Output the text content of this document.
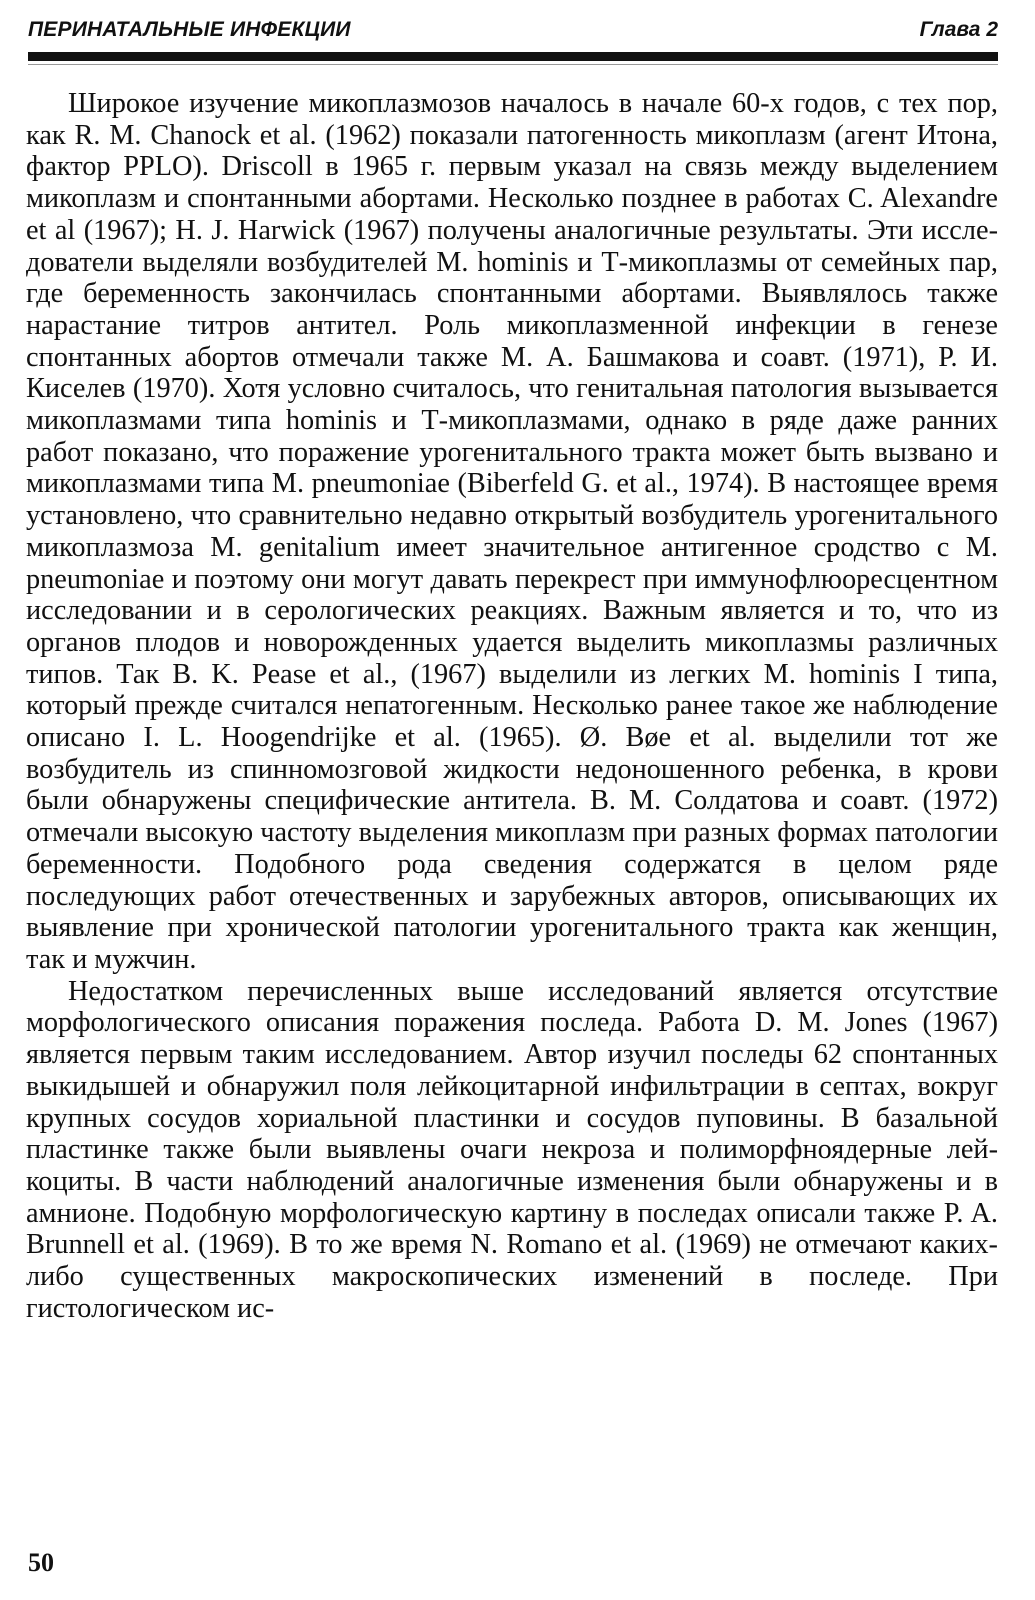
ПЕРИНАТАЛЬНЫЕ ИНФЕКЦИИ	Глава 2

Широкое изучение микоплазмозов началось в начале 60-х годов, с тех пор, как R. M. Chanock et al. (1962) показали патогенность микоплазм (агент Итона, фактор PPLO). Driscoll в 1965 г. первым указал на связь между выделением микоплазм и спонтанными абортами. Несколько позднее в работах C. Alexandre et al (1967); H. J. Harwick (1967) получены аналогичные результаты. Эти исследователи выделяли возбудителей M. hominis и Т-микоплазмы от семейных пар, где беременность закончилась спонтанными абортами. Выявлялось также нарастание титров антител. Роль микоплазменной инфекции в генезе спонтанных абортов отмечали также М. А. Башмакова и соавт. (1971), Р. И. Киселев (1970). Хотя условно считалось, что генитальная патология вызывается микоплазмами типа hominis и Т-микоплазмами, однако в ряде даже ранних работ показано, что поражение урогенитального тракта может быть вызвано и микоплазмами типа M. pneumoniae (Biberfeld G. et al., 1974). В настоящее время установлено, что сравнительно недавно открытый возбудитель урогенитального микоплазмоза M. genitalium имеет значительное антигенное сродство с M. pneumoniae и поэтому они могут давать перекрест при иммунофлюоресцентном исследовании и в серологических реакциях. Важным является и то, что из органов плодов и новорожденных удается выделить микоплазмы различных типов. Так B. K. Pease et al., (1967) выделили из легких M. hominis I типа, который прежде считался непатогенным. Несколько ранее такое же наблюдение описано I. L. Hoogendrijke et al. (1965). Ø. Bøe et al. выделили тот же возбудитель из спинномозговой жидкости недоношенного ребенка, в крови были обнаружены специфические антитела. В. М. Солдатова и соавт. (1972) отмечали высокую частоту выделения микоплазм при разных формах патологии беременности. Подобного рода сведения содержатся в целом ряде последующих работ отечественных и зарубежных авторов, описывающих их выявление при хронической патологии урогенитального тракта как женщин, так и мужчин.

Недостатком перечисленных выше исследований является отсутствие морфологического описания поражения последа. Работа D. M. Jones (1967) является первым таким исследованием. Автор изучил последы 62 спонтанных выкидышей и обнаружил поля лейкоцитарной инфильтрации в септах, вокруг крупных сосудов хориальной пластинки и сосудов пуповины. В базальной пластинке также были выявлены очаги некроза и полиморфноядерные лейкоциты. В части наблюдений аналогичные изменения были обнаружены и в амнионе. Подобную морфологическую картину в последах описали также P. A. Brunnell et al. (1969). В то же время N. Romano et al. (1969) не отмечают каких-либо существенных макроскопических изменений в последе. При гистологическом ис-

50
